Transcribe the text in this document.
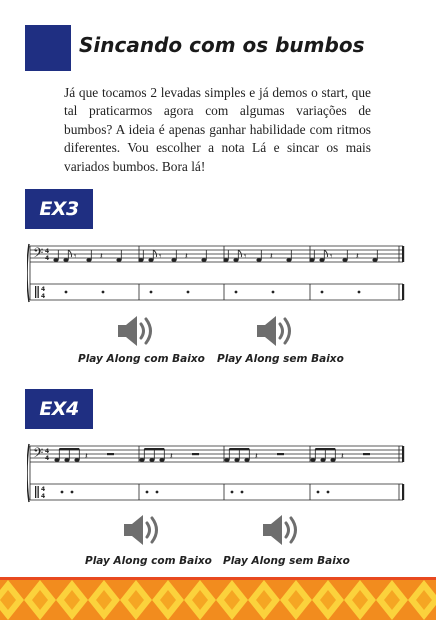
Sincando com os bumbos

Já que tocamos 2 levadas simples e já demos o start, que tal praticarmos agora com algumas variações de bumbos? A ideia é apenas ganhar habilidade com ritmos diferentes. Vou escolher a nota Lá e sincar os mais variados bumbos. Bora lá!

EX3
𝄢 4
4
4
4
𝄾	𝄽
Play Along com Baixo Play Along sem Baixo
EX4
𝄢 4
4
4
4
𝄽
Play Along com Baixo Play Along sem Baixo
